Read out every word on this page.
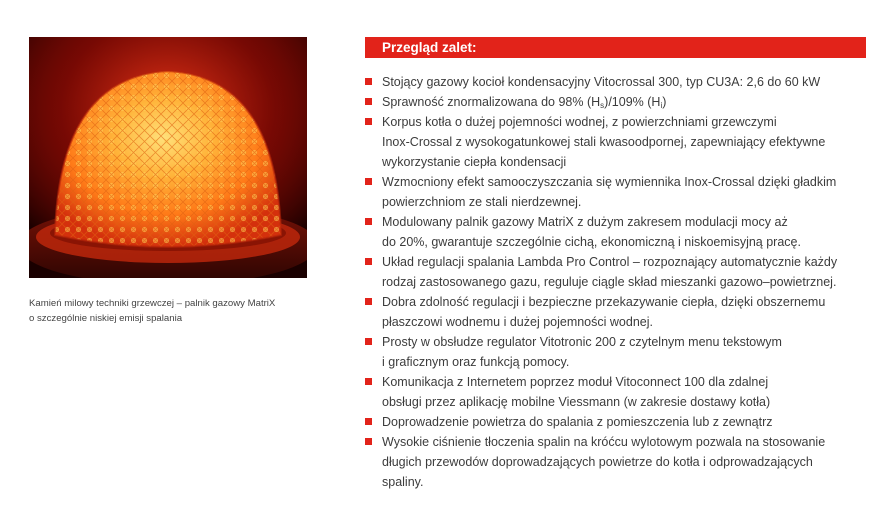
Kamień milowy techniki grzewczej – palnik gazowy MatriX
o szczególnie niskiej emisji spalania
Przegląd zalet:
Stojący gazowy kocioł kondensacyjny Vitocrossal 300, typ CU3A: 2,6 do 60 kW
Sprawność znormalizowana do 98% $(H_s)/109\%$ $(H_i)$
Korpus kotła o dużej pojemności wodnej, z powierzchniami grzewczymi
Inox-Crossal z wysokogatunkowej stali kwasoodpornej, zapewniający efektywne
wykorzystanie ciepła kondensacji
Wzmocniony efekt samooczyszczania się wymiennika Inox-Crossal dzięki gładkim
powierzchniom ze stali nierdzewnej.
Modulowany palnik gazowy MatriX z dużym zakresem modulacji mocy aż
do 20%, gwarantuje szczególnie cichą, ekonomiczną i niskoemisyjną pracę.
Układ regulacji spalania Lambda Pro Control – rozpoznający automatycznie każdy
rodzaj zastosowanego gazu, reguluje ciągle skład mieszanki gazowo–powietrznej.
Dobra zdolność regulacji i bezpieczne przekazywanie ciepła, dzięki obszernemu
płaszczowi wodnemu i dużej pojemności wodnej.
Prosty w obsłudze regulator Vitotronic 200 z czytelnym menu tekstowym
i graficznym oraz funkcją pomocy.
Komunikacja z Internetem poprzez moduł Vitoconnect 100 dla zdalnej
obsługi przez aplikację mobilne Viessmann (w zakresie dostawy kotła)
Doprowadzenie powietrza do spalania z pomieszczenia lub z zewnątrz
Wysokie ciśnienie tłoczenia spalin na króćcu wylotowym pozwala na stosowanie
długich przewodów doprowadzających powietrze do kotła i odprowadzających
spaliny.
